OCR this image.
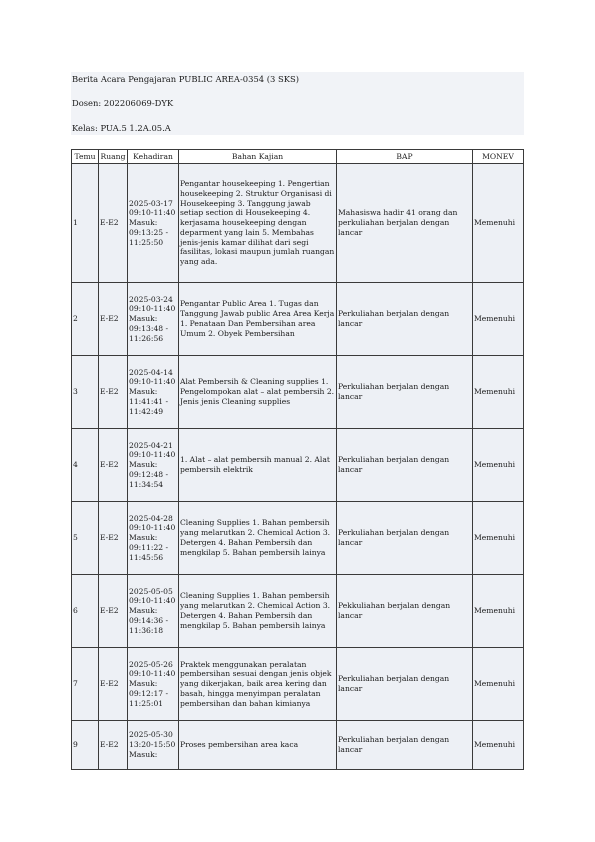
Berita Acara Pengajaran PUBLIC AREA-0354 (3 SKS)
Dosen: 202206069-DYK
Kelas: PUA.5 1.2A.05.A
Temu	Ruang	Kehadiran	Bahan Kajian	BAP	MONEV
1	E-E2	2025-03-17 09:10-11:40 Masuk: 09:13:25 - 11:25:50	Pengantar housekeeping 1. Pengertian housekeeping 2. Struktur Organisasi di Housekeeping 3. Tanggung jawab setiap section di Housekeeping 4. kerjasama housekeeping dengan deparment yang lain 5. Membahas jenis-jenis kamar dilihat dari segi fasilitas, lokasi maupun jumlah ruangan yang ada.	Mahasiswa hadir 41 orang dan perkuliahan berjalan dengan lancar	Memenuhi
2	E-E2	2025-03-24 09:10-11:40 Masuk: 09:13:48 - 11:26:56	Pengantar Public Area 1. Tugas dan Tanggung Jawab public Area Area Kerja 1. Penataan Dan Pembersihan area Umum 2. Obyek Pembersihan	Perkuliahan berjalan dengan lancar	Memenuhi
3	E-E2	2025-04-14 09:10-11:40 Masuk: 11:41:41 - 11:42:49	Alat Pembersih & Cleaning supplies 1. Pengelompokan alat – alat pembersih 2. Jenis jenis Cleaning supplies	Perkuliahan berjalan dengan lancar	Memenuhi
4	E-E2	2025-04-21 09:10-11:40 Masuk: 09:12:48 - 11:34:54	1. Alat – alat pembersih manual 2. Alat pembersih elektrik	Perkuliahan berjalan dengan lancar	Memenuhi
5	E-E2	2025-04-28 09:10-11:40 Masuk: 09:11:22 - 11:45:56	Cleaning Supplies 1. Bahan pembersih yang melarutkan 2. Chemical Action 3. Detergen 4. Bahan Pembersih dan mengkilap 5. Bahan pembersih lainya	Perkuliahan berjalan dengan lancar	Memenuhi
6	E-E2	2025-05-05 09:10-11:40 Masuk: 09:14:36 - 11:36:18	Cleaning Supplies 1. Bahan pembersih yang melarutkan 2. Chemical Action 3. Detergen 4. Bahan Pembersih dan mengkilap 5. Bahan pembersih lainya	Pekkuliahan berjalan dengan lancar	Memenuhi
7	E-E2	2025-05-26 09:10-11:40 Masuk: 09:12:17 - 11:25:01	Praktek menggunakan peralatan pembersihan sesuai dengan jenis objek yang dikerjakan, baik area kering dan basah, hingga menyimpan peralatan pembersihan dan bahan kimianya	Perkuliahan berjalan dengan lancar	Memenuhi
9	E-E2	2025-05-30 13:20-15:50 Masuk:	Proses pembersihan area kaca	Perkuliahan berjalan dengan lancar	Memenuhi
